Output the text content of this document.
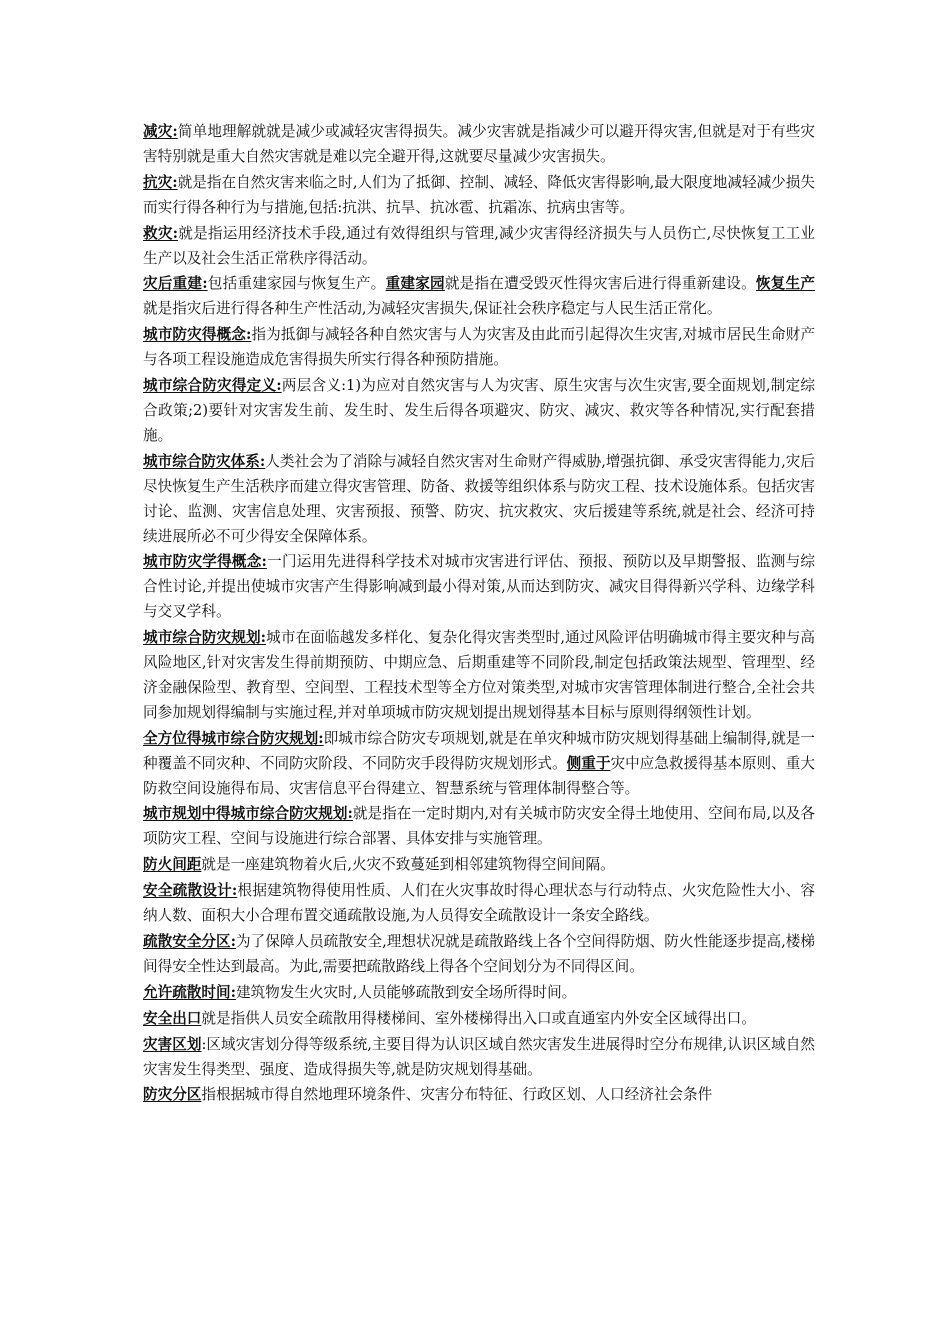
减灾:简单地理解就就是减少或减轻灾害得损失。减少灾害就是指减少可以避开得灾害,但就是对于有些灾害特别就是重大自然灾害就是难以完全避开得,这就要尽量减少灾害损失。

抗灾:就是指在自然灾害来临之时,人们为了抵御、控制、减轻、降低灾害得影响,最大限度地减轻减少损失而实行得各种行为与措施,包括:抗洪、抗旱、抗冰雹、抗霜冻、抗病虫害等。

救灾:就是指运用经济技术手段,通过有效得组织与管理,减少灾害得经济损失与人员伤亡,尽快恢复工工业生产以及社会生活正常秩序得活动。

灾后重建:包括重建家园与恢复生产。重建家园就是指在遭受毁灭性得灾害后进行得重新建设。恢复生产就是指灾后进行得各种生产性活动,为减轻灾害损失,保证社会秩序稳定与人民生活正常化。

城市防灾得概念:指为抵御与减轻各种自然灾害与人为灾害及由此而引起得次生灾害,对城市居民生命财产与各项工程设施造成危害得损失所实行得各种预防措施。

城市综合防灾得定义:两层含义:1)为应对自然灾害与人为灾害、原生灾害与次生灾害,要全面规划,制定综合政策;2)要针对灾害发生前、发生时、发生后得各项避灾、防灾、减灾、救灾等各种情况,实行配套措施。

城市综合防灾体系:人类社会为了消除与减轻自然灾害对生命财产得威胁,增强抗御、承受灾害得能力,灾后尽快恢复生产生活秩序而建立得灾害管理、防备、救援等组织体系与防灾工程、技术设施体系。包括灾害讨论、监测、灾害信息处理、灾害预报、预警、防灾、抗灾救灾、灾后援建等系统,就是社会、经济可持续进展所必不可少得安全保障体系。

城市防灾学得概念:一门运用先进得科学技术对城市灾害进行评估、预报、预防以及早期警报、监测与综合性讨论,并提出使城市灾害产生得影响减到最小得对策,从而达到防灾、减灾目得得新兴学科、边缘学科与交叉学科。

城市综合防灾规划:城市在面临越发多样化、复杂化得灾害类型时,通过风险评估明确城市得主要灾种与高风险地区,针对灾害发生得前期预防、中期应急、后期重建等不同阶段,制定包括政策法规型、管理型、经济金融保险型、教育型、空间型、工程技术型等全方位对策类型,对城市灾害管理体制进行整合,全社会共同参加规划得编制与实施过程,并对单项城市防灾规划提出规划得基本目标与原则得纲领性计划。

全方位得城市综合防灾规划:即城市综合防灾专项规划,就是在单灾种城市防灾规划得基础上编制得,就是一种覆盖不同灾种、不同防灾阶段、不同防灾手段得防灾规划形式。侧重于灾中应急救援得基本原则、重大防救空间设施得布局、灾害信息平台得建立、智慧系统与管理体制得整合等。

城市规划中得城市综合防灾规划:就是指在一定时期内,对有关城市防灾安全得土地使用、空间布局,以及各项防灾工程、空间与设施进行综合部署、具体安排与实施管理。

防火间距就是一座建筑物着火后,火灾不致蔓延到相邻建筑物得空间间隔。

安全疏散设计:根据建筑物得使用性质、人们在火灾事故时得心理状态与行动特点、火灾危险性大小、容纳人数、面积大小合理布置交通疏散设施,为人员得安全疏散设计一条安全路线。

疏散安全分区:为了保障人员疏散安全,理想状况就是疏散路线上各个空间得防烟、防火性能逐步提高,楼梯间得安全性达到最高。为此,需要把疏散路线上得各个空间划分为不同得区间。

允许疏散时间:建筑物发生火灾时,人员能够疏散到安全场所得时间。

安全出口就是指供人员安全疏散用得楼梯间、室外楼梯得出入口或直通室内外安全区域得出口。

灾害区划:区域灾害划分得等级系统,主要目得为认识区域自然灾害发生进展得时空分布规律,认识区域自然灾害发生得类型、强度、造成得损失等,就是防灾规划得基础。

防灾分区指根据城市得自然地理环境条件、灾害分布特征、行政区划、人口经济社会条件
